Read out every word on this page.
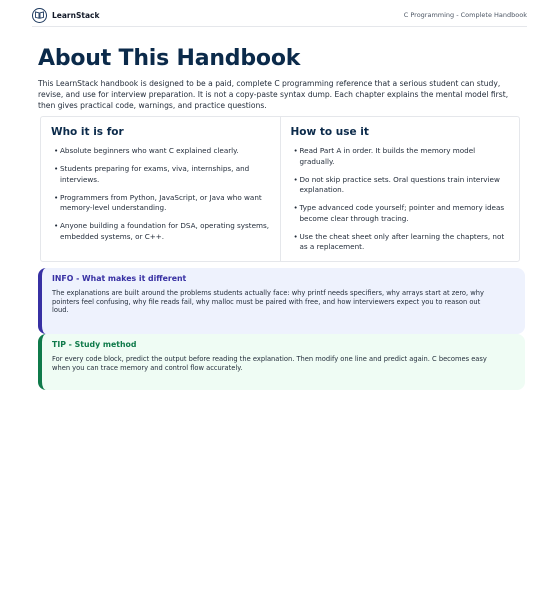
LearnStack	C Programming - Complete Handbook
About This Handbook

This LearnStack handbook is designed to be a paid, complete C programming reference that a serious student can study, revise, and use for interview preparation. It is not a copy-paste syntax dump. Each chapter explains the mental model first, then gives practical code, warnings, and practice questions.

Who it is for
• Absolute beginners who want C explained clearly.
• Students preparing for exams, viva, internships, and interviews.
• Programmers from Python, JavaScript, or Java who want memory-level understanding.
• Anyone building a foundation for DSA, operating systems, embedded systems, or C++.
How to use it
• Read Part A in order. It builds the memory model gradually.
• Do not skip practice sets. Oral questions train interview explanation.
• Type advanced code yourself; pointer and memory ideas become clear through tracing.
• Use the cheat sheet only after learning the chapters, not as a replacement.

INFO - What makes it different

The explanations are built around the problems students actually face: why printf needs specifiers, why arrays start at zero, why pointers feel confusing, why file reads fail, why malloc must be paired with free, and how interviewers expect you to reason out loud.

TIP - Study method

For every code block, predict the output before reading the explanation. Then modify one line and predict again. C becomes easy when you can trace memory and control flow accurately.
